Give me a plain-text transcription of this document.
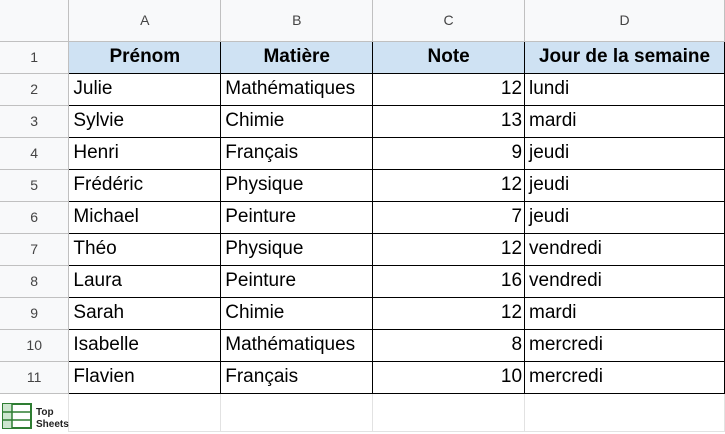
	A	B	C	D
1	Prénom	Matière	Note	Jour de la semaine
2	Julie	Mathématiques	12	lundi
3	Sylvie	Chimie	13	mardi
4	Henri	Français	9	jeudi
5	Frédéric	Physique	12	jeudi
6	Michael	Peinture	7	jeudi
7	Théo	Physique	12	vendredi
8	Laura	Peinture	16	vendredi
9	Sarah	Chimie	12	mardi
10	Isabelle	Mathématiques	8	mercredi
11	Flavien	Français	10	mercredi

Top
Sheets
